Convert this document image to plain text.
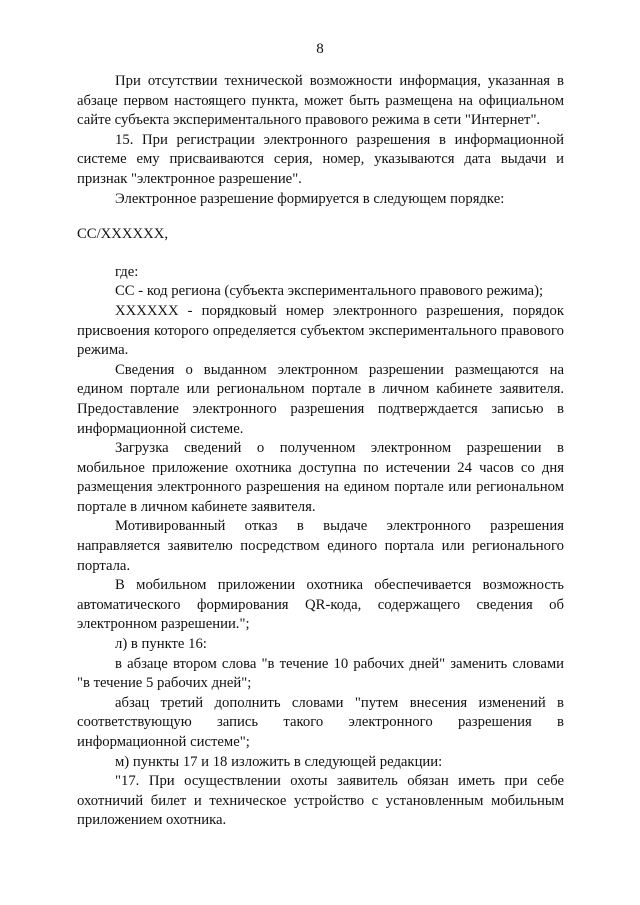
8

При отсутствии технической возможности информация, указанная в абзаце первом настоящего пункта, может быть размещена на официальном сайте субъекта экспериментального правового режима в сети "Интернет".

15. При регистрации электронного разрешения в информационной системе ему присваиваются серия, номер, указываются дата выдачи и признак "электронное разрешение".

Электронное разрешение формируется в следующем порядке:

СС/XXXXXX,

где:

СС - код региона (субъекта экспериментального правового режима);

XXXXXX - порядковый номер электронного разрешения, порядок присвоения которого определяется субъектом экспериментального правового режима.

Сведения о выданном электронном разрешении размещаются на едином портале или региональном портале в личном кабинете заявителя. Предоставление электронного разрешения подтверждается записью в информационной системе.

Загрузка сведений о полученном электронном разрешении в мобильное приложение охотника доступна по истечении 24 часов со дня размещения электронного разрешения на едином портале или региональном портале в личном кабинете заявителя.

Мотивированный отказ в выдаче электронного разрешения направляется заявителю посредством единого портала или регионального портала.

В мобильном приложении охотника обеспечивается возможность автоматического формирования QR-кода, содержащего сведения об электронном разрешении.";

л) в пункте 16:

в абзаце втором слова "в течение 10 рабочих дней" заменить словами "в течение 5 рабочих дней";

абзац третий дополнить словами "путем внесения изменений в соответствующую запись такого электронного разрешения в информационной системе";

м) пункты 17 и 18 изложить в следующей редакции:

"17. При осуществлении охоты заявитель обязан иметь при себе охотничий билет и техническое устройство с установленным мобильным приложением охотника.
